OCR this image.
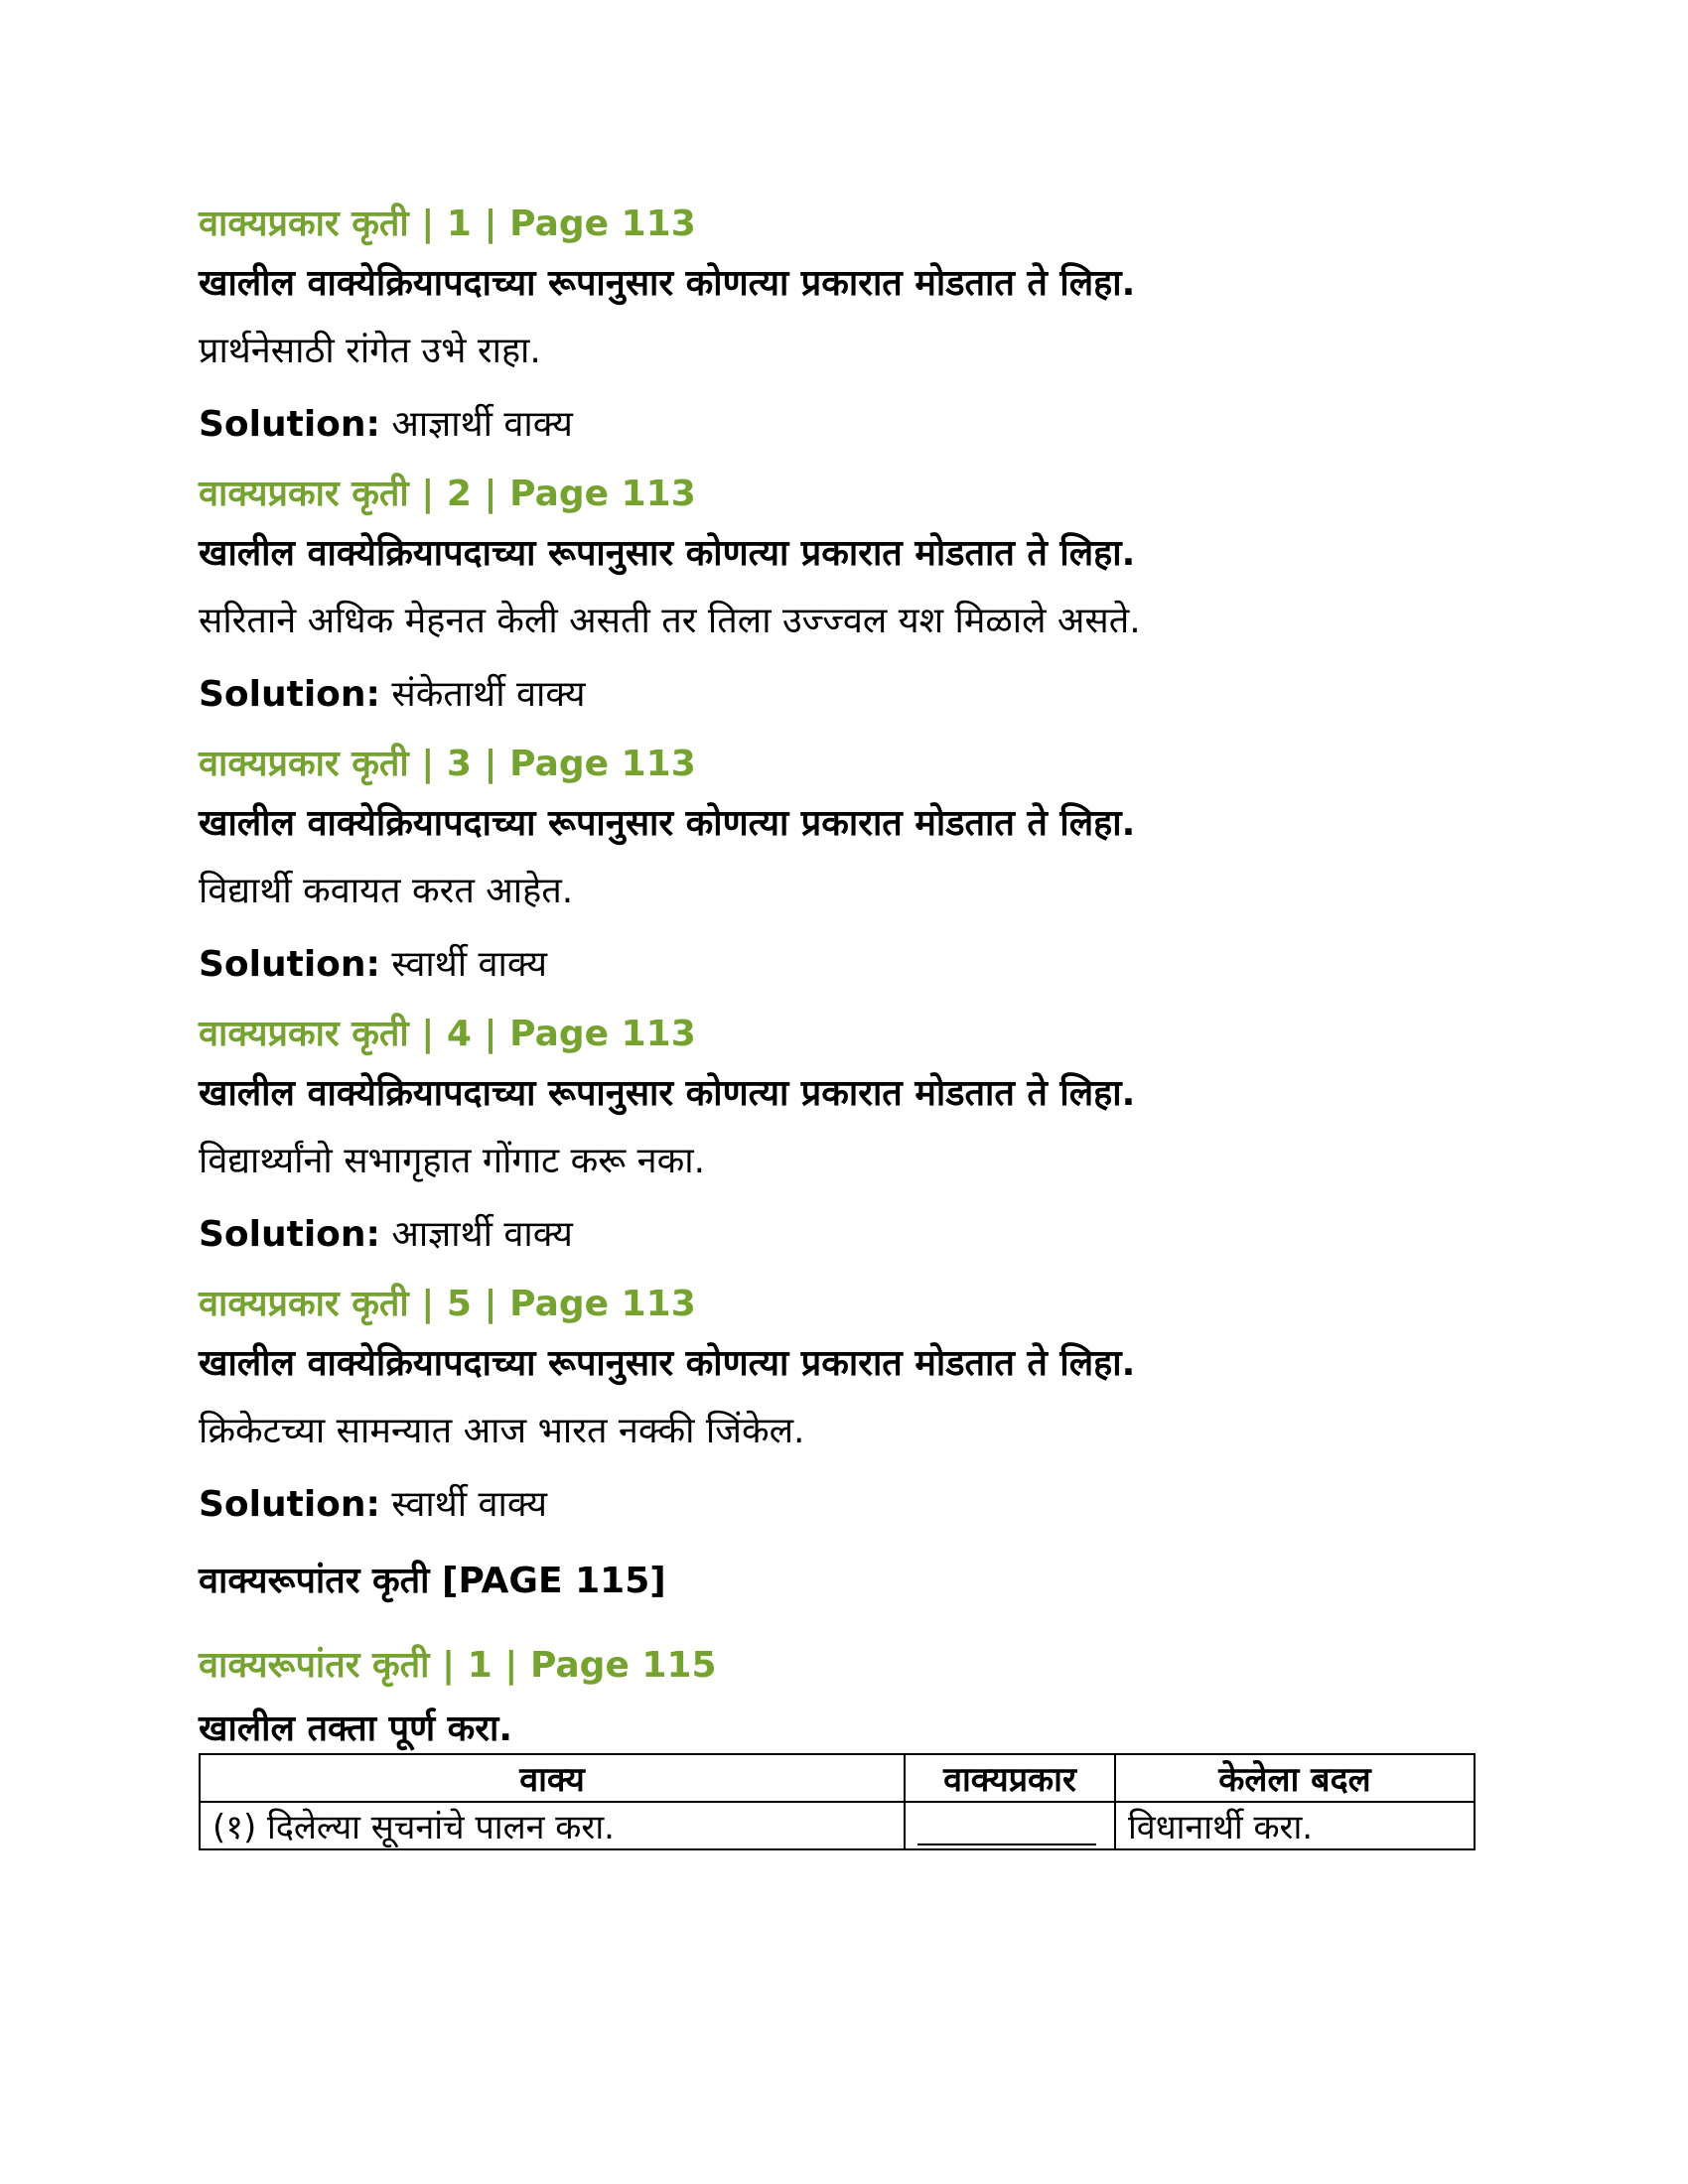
वाक्यप्रकार कृती | 1 | Page 113
खालील वाक्येक्रियापदाच्या रूपानुसार कोणत्या प्रकारात मोडतात ते लिहा.
प्रार्थनेसाठी रांगेत उभे राहा.
Solution: आज्ञार्थी वाक्य
वाक्यप्रकार कृती | 2 | Page 113
खालील वाक्येक्रियापदाच्या रूपानुसार कोणत्या प्रकारात मोडतात ते लिहा.
सरिताने अधिक मेहनत केली असती तर तिला उज्ज्वल यश मिळाले असते.
Solution: संकेतार्थी वाक्य
वाक्यप्रकार कृती | 3 | Page 113
खालील वाक्येक्रियापदाच्या रूपानुसार कोणत्या प्रकारात मोडतात ते लिहा.
विद्यार्थी कवायत करत आहेत.
Solution: स्वार्थी वाक्य
वाक्यप्रकार कृती | 4 | Page 113
खालील वाक्येक्रियापदाच्या रूपानुसार कोणत्या प्रकारात मोडतात ते लिहा.
विद्यार्थ्यांनो सभागृहात गोंगाट करू नका.
Solution: आज्ञार्थी वाक्य
वाक्यप्रकार कृती | 5 | Page 113
खालील वाक्येक्रियापदाच्या रूपानुसार कोणत्या प्रकारात मोडतात ते लिहा.
क्रिकेटच्या सामन्यात आज भारत नक्की जिंकेल.
Solution: स्वार्थी वाक्य
वाक्यरूपांतर कृती [PAGE 115]
वाक्यरूपांतर कृती | 1 | Page 115
खालील तक्ता पूर्ण करा.
वाक्य	वाक्यप्रकार	केलेला बदल
(१) दिलेल्या सूचनांचे पालन करा.		विधानार्थी करा.
